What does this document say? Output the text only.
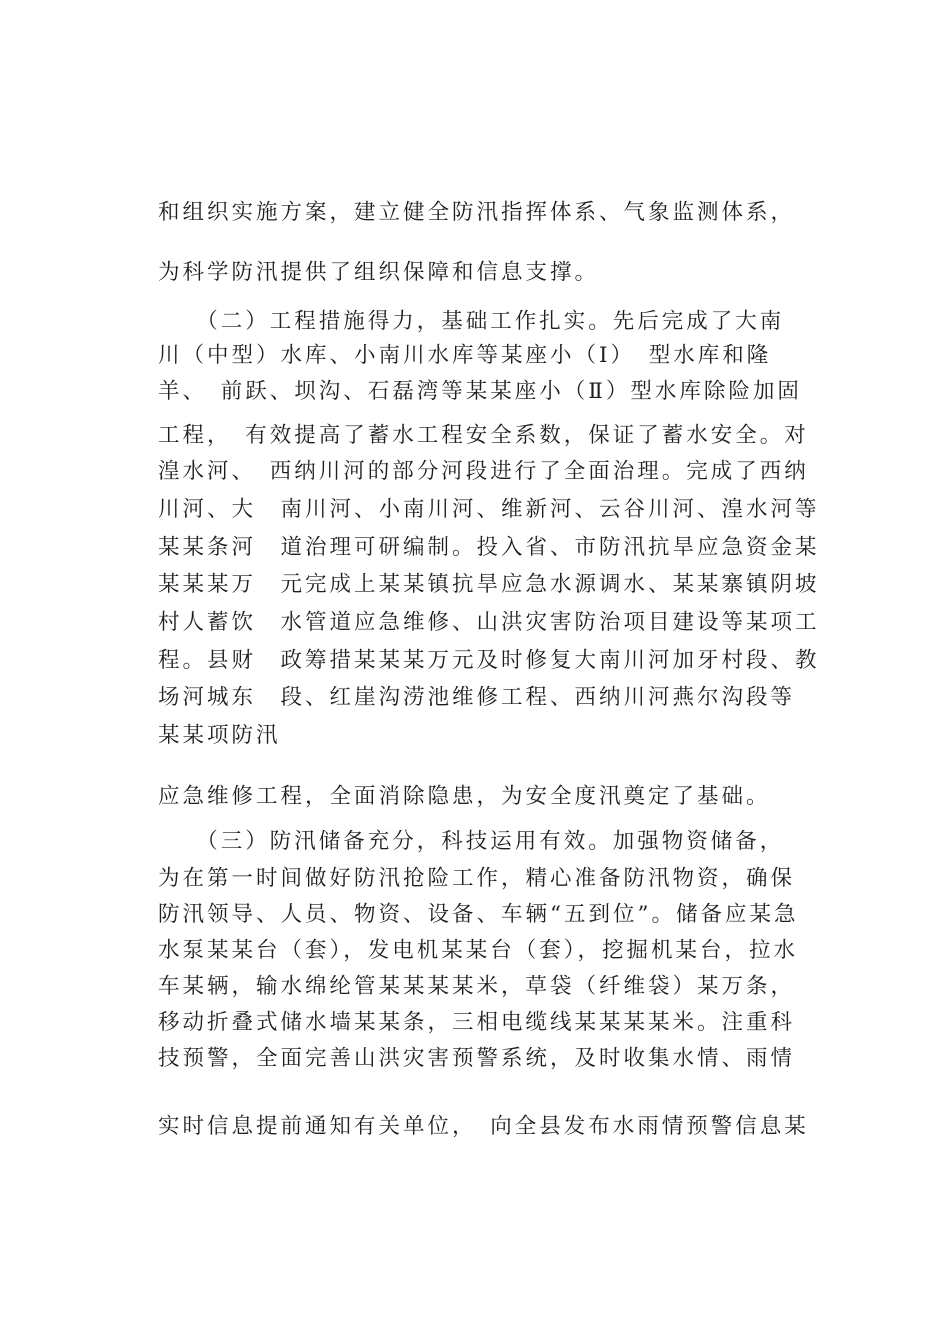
和组织实施方案，建立健全防汛指挥体系、气象监测体系，
为科学防汛提供了组织保障和信息支撑。
　　（二）工程措施得力，基础工作扎实。先后完成了大南
川（中型）水库、小南川水库等某座小（I）　型水库和隆
羊、　前跃、坝沟、石磊湾等某某座小（Ⅱ）型水库除险加固
工程，　有效提高了蓄水工程安全系数，保证了蓄水安全。对
湟水河、　西纳川河的部分河段进行了全面治理。完成了西纳
川河、大　南川河、小南川河、维新河、云谷川河、湟水河等
某某条河　道治理可研编制。投入省、市防汛抗旱应急资金某
某某某万　元完成上某某镇抗旱应急水源调水、某某寨镇阴坡
村人蓄饮　水管道应急维修、山洪灾害防治项目建设等某项工
程。县财　政筹措某某某万元及时修复大南川河加牙村段、教
场河城东　段、红崖沟涝池维修工程、西纳川河燕尔沟段等
某某项防汛
应急维修工程，全面消除隐患，为安全度汛奠定了基础。
　　（三）防汛储备充分，科技运用有效。加强物资储备，
为在第一时间做好防汛抢险工作，精心准备防汛物资，确保
防汛领导、人员、物资、设备、车辆“五到位”。储备应某急
水泵某某台（套），发电机某某台（套），挖掘机某台，拉水
车某辆，输水绵纶管某某某某米，草袋（纤维袋）某万条，
移动折叠式储水墙某某条，三相电缆线某某某某米。注重科
技预警，全面完善山洪灾害预警系统，及时收集水情、雨情
实时信息提前通知有关单位，　向全县发布水雨情预警信息某
